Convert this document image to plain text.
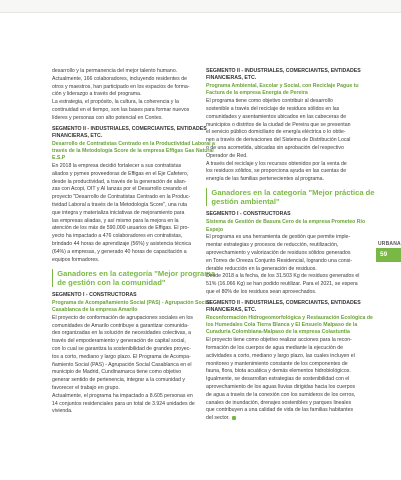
desarrollo y la permanencia del mejor talento humano.

Actualmente, 166 colaboradores, incluyendo residentes de

otros y maestros, han participado en los espacios de forma-

ción y liderazgo a través del programa.

La estrategia, el propósito, la cultura, la coherencia y la

continuidad en el tiempo, son las bases para formar nuevos

líderes y personas con alto potencial en Contex.

SEGMENTO II - INDUSTRIALES, COMERCIANTES, ENTIDADES FINANCIERAS, ETC.

Desarrollo de Contratistas Centrado en la Productividad Laboral a través de la Metodología Score de la empresa Effigas Gas Natural E.S.P

En 2018 la empresa decidió fortalecer a sus contratistas

aliados y pymes proveedoras de Effigas en el Eje Cafetero,

desde la productividad, a través de la generación de alian-

zas con Acopi, OIT y Al Ianzas por el Desarrollo creando el

proyecto "Desarrollo de Contratistas Centrado en la Produc-

tividad Laboral a través de la Metodología Score", una ruta

que integra y materializa iniciativas de mejoramiento para

las empresas aliadas, y así mismo para la mejora en la

atención de los más de 590.000 usuarios de Effigas. El pro-

yecto ha impactado a 476 colaboradores en contratistas,

brindado 44 horas de aprendizaje (56%) y asistencia técnica

(64%) a empresas, y generado 40 horas de capacitación a

equipos formadores.

Ganadores en la categoría "Mejor programa de gestión con la comunidad"

SEGMENTO I - CONSTRUCTORAS

Programa de Acompañamiento Social (PAS) - Agrupación Social Casablanca de la empresa Amarilo

El proyecto de conformación de agrupaciones sociales en los

comunidades de Amarilo contribuye a garantizar comunida-

des organizadas en la solución de necesidades colectivas, a

través del empoderamiento y generación de capital social,

con lo cual se garantiza la sostenibilidad de grandes proyec-

tos a corto, mediano y largo plazo. El Programa de Acompa-

ñamiento Social (PAS) - Agrupación Social Casablanca en el

municipio de Madrid, Cundinamarca tiene como objetivo

generar sentido de pertenencia, integrar a la comunidad y

favorecer el trabajo en grupo.

Actualmente, el programa ha impactado a 8.605 personas en

14 conjuntos residenciales para un total de 3.924 unidades de

vivienda.

SEGMENTO II - INDUSTRIALES, COMERCIANTES, ENTIDADES FINANCIERAS, ETC.

Programa Ambiental, Escolar y Social, con Reciclaje Pague tu Factura de la empresa Energía de Pereira

El programa tiene como objetivo contribuir al desarrollo

sostenible a través del reciclaje de residuos sólidos en las

comunidades y asentamientos ubicados en las cabeceras de

municipios o distritos de la ciudad de Pereira que se presentan

el servicio público domiciliario de energía eléctrica o lo obtie-

nen a través de derivaciones del Sistema de Distribución Local

o de una acometida, ubicadas sin aprobación del respectivo

Operador de Red.

A través del reciclaje y los recursos obtenidos por la venta de

los residuos sólidos, se proporciona ayuda en las cuentas de

energía de las familias pertenecientes al programa.

Ganadores en la categoría "Mejor práctica de gestión ambiental"

SEGMENTO I - CONSTRUCTORAS

Sistema de Gestión de Basura Cero de la empresa Prometeo Rio Espejo

El programa es una herramienta de gestión que permite imple-

mentar estrategias y procesos de reducción, reutilización,

aprovechamiento y valorización de residuos sólidos generados

en Torres de Oreeza Conjunto Residencial, logrando una consi-

derable reducción en la generación de residuos.

Desde 2018 a la fecha, de los 31.503 Kg de residuos generados el

51% (16.066 Kg) se han podido reutilizar. Para el 2021, se espera

que el 80% de los residuos sean aprovechados.

SEGMENTO II - INDUSTRIALES, COMERCIANTES, ENTIDADES FINANCIERAS, ETC.

Reconformación Hidrogeomorfológica y Restauración Ecológica de los Humedales Cola Tierra Blanca y El Ensuelo Malpaso de la Curaduría Colombiana-Malpaso de la empresa Colastuntia

El proyecto tiene como objetivo realizar acciones para la recon-

formación de los cuerpos de agua mediante la ejecución de

actividades a corto, mediano y largo plazo, las cuales incluyen el

monitoreo y mantenimiento constante de los componentes de

fauna, flora, biota acuática y demás elementos hidrobiológicos.

Igualmente, se desarrollan estrategias de sostenibilidad con el

aprovechamiento de los aguas lluvias dirigidas hacia los cuerpos

de agua a través de la conexión con los sumideros de los cerros,

canales de inundación, drenajes sostenibles y parques lineales

que contribuyen a una calidad de vida de las familias habitantes

del sector.

URBANA
59
